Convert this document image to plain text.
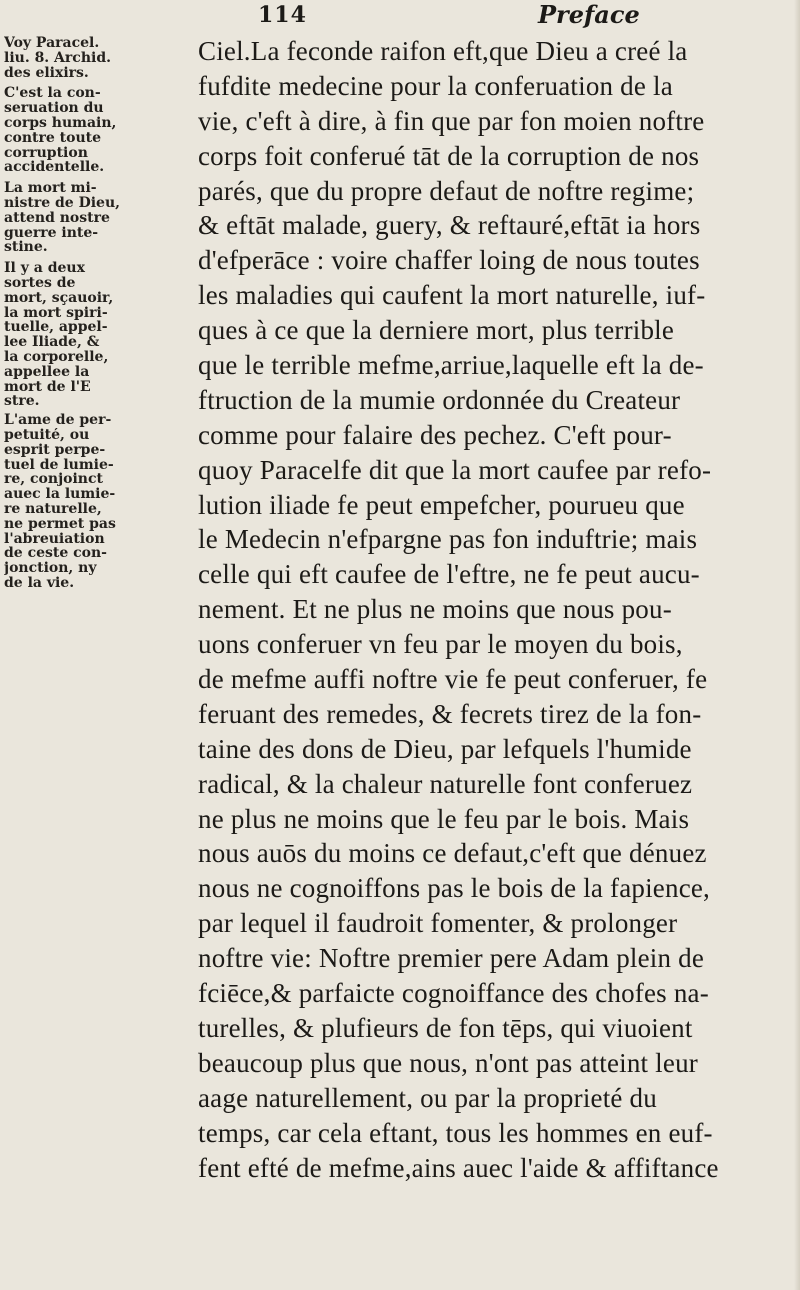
114	Preface
Voy Paracel.
liu. 8. Archid.
des elixirs.
C'est la con-
seruation du
corps humain,
contre toute
corruption
accidentelle.
La mort mi-
nistre de Dieu,
attend nostre
guerre inte-
stine.
Il y a deux
sortes de
mort, sçauoir,
la mort spiri-
tuelle, appel-
lee Iliade, &
la corporelle,
appellee la
mort de l'E
stre.
L'ame de per-
petuité, ou
esprit perpe-
tuel de lumie-
re, conjoinct
auec la lumie-
re naturelle,
ne permet pas
l'abreuiation
de ceste con-
jonction, ny
de la vie.
Ciel.La feconde raifon eft,que Dieu a creé la
fufdite medecine pour la conferuation de la
vie, c'eft à dire, à fin que par fon moien noftre
corps foit conferué tāt de la corruption de nos
parés, que du propre defaut de noftre regime;
& eftāt malade, guery, & reftauré,eftāt ia hors
d'efperāce : voire chaffer loing de nous toutes
les maladies qui caufent la mort naturelle, iuf-
ques à ce que la derniere mort, plus terrible
que le terrible mefme,arriue,laquelle eft la de-
ftruction de la mumie ordonnée du Createur
comme pour falaire des pechez. C'eft pour-
quoy Paracelfe dit que la mort caufee par refo-
lution iliade fe peut empefcher, pourueu que
le Medecin n'efpargne pas fon induftrie; mais
celle qui eft caufee de l'eftre, ne fe peut aucu-
nement. Et ne plus ne moins que nous pou-
uons conferuer vn feu par le moyen du bois,
de mefme auffi noftre vie fe peut conferuer, fe
feruant des remedes, & fecrets tirez de la fon-
taine des dons de Dieu, par lefquels l'humide
radical, & la chaleur naturelle font conferuez
ne plus ne moins que le feu par le bois. Mais
nous auōs du moins ce defaut,c'eft que dénuez
nous ne cognoiffons pas le bois de la fapience,
par lequel il faudroit fomenter, & prolonger
noftre vie: Noftre premier pere Adam plein de
fciēce,& parfaicte cognoiffance des chofes na-
turelles, & plufieurs de fon tēps, qui viuoient
beaucoup plus que nous, n'ont pas atteint leur
aage naturellement, ou par la proprieté du
temps, car cela eftant, tous les hommes en euf-
fent efté de mefme,ains auec l'aide & affiftance
